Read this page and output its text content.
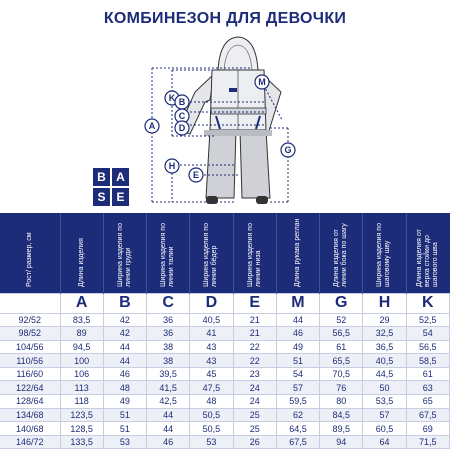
КОМБИНЕЗОН ДЛЯ ДЕВОЧКИ
A
K B
C
D
H
E
M
G
B A
S E
Рост/ размер, см	Длина изделия	Ширина изделия по линии груди	Ширина изделия по линии талии	Ширина изделия по линии бёдер	Ширина изделия по линии низа	Длина рукава реглан	Длина изделия от линии бока по шагу	Ширина изделия по шаговому шву	Длина изделия от верха стойки до шагового шва

	A	B	C	D	E	M	G	H	K
92/52	83,5	42	36	40,5	21	44	52	29	52,5
98/52	89	42	36	41	21	46	56,5	32,5	54
104/56	94,5	44	38	43	22	49	61	36,5	56,5
110/56	100	44	38	43	22	51	65,5	40,5	58,5
116/60	106	46	39,5	45	23	54	70,5	44,5	61
122/64	113	48	41,5	47,5	24	57	76	50	63
128/64	118	49	42,5	48	24	59,5	80	53,5	65
134/68	123,5	51	44	50,5	25	62	84,5	57	67,5
140/68	128,5	51	44	50,5	25	64,5	89,5	60,5	69
146/72	133,5	53	46	53	26	67,5	94	64	71,5
